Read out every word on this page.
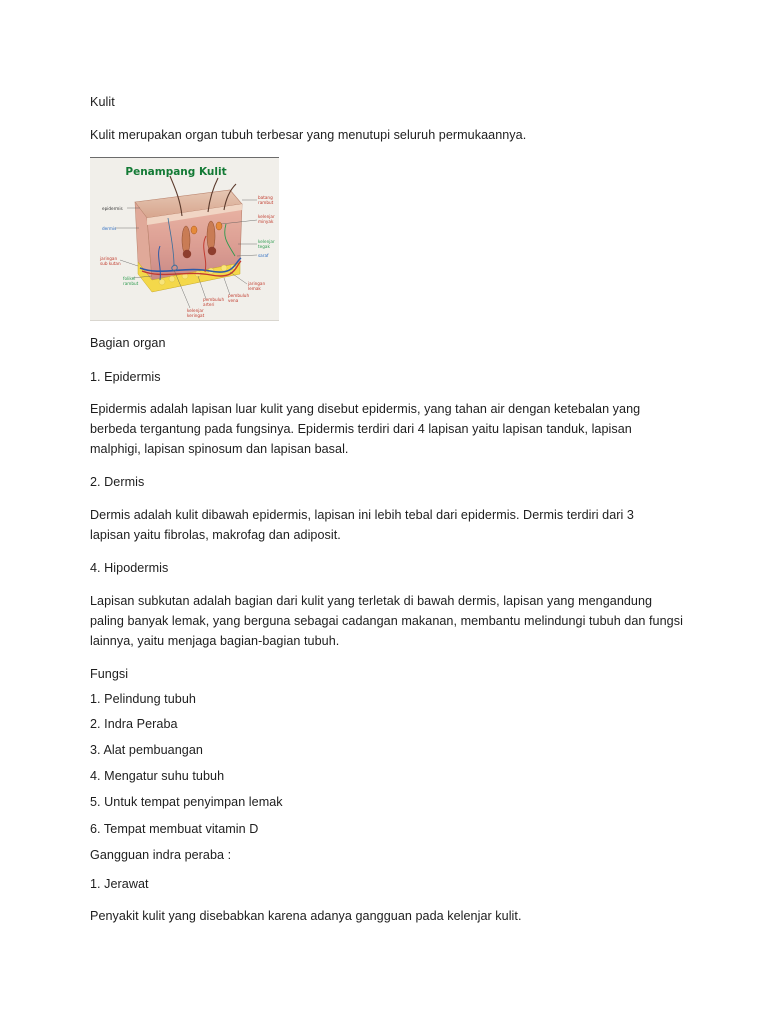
Kulit
Kulit merupakan organ tubuh terbesar yang menutupi seluruh permukaannya.
Penampang Kulit
epidermis
dermis
jaringan
sub kutan
folikel
rambut
batang
rambut
kelenjar
minyak
kelenjar
tegak
saraf
jaringan
lemak
pembuluh
vena
pembuluh
arteri
kelenjar
keringat
Bagian organ
1. Epidermis
Epidermis adalah lapisan luar kulit yang disebut epidermis, yang tahan air dengan ketebalan yang
berbeda tergantung pada fungsinya. Epidermis terdiri dari 4 lapisan yaitu lapisan tanduk, lapisan
malphigi, lapisan spinosum dan lapisan basal.
2. Dermis
Dermis adalah kulit dibawah epidermis, lapisan ini lebih tebal dari epidermis. Dermis terdiri dari 3
lapisan yaitu fibrolas, makrofag dan adiposit.
4. Hipodermis
Lapisan subkutan adalah bagian dari kulit yang terletak di bawah dermis, lapisan yang mengandung
paling banyak lemak, yang berguna sebagai cadangan makanan, membantu melindungi tubuh dan fungsi
lainnya, yaitu menjaga bagian-bagian tubuh.
Fungsi
1. Pelindung tubuh
2. Indra Peraba
3. Alat pembuangan
4. Mengatur suhu tubuh
5. Untuk tempat penyimpan lemak
6. Tempat membuat vitamin D
Gangguan indra peraba :
1. Jerawat
Penyakit kulit yang disebabkan karena adanya gangguan pada kelenjar kulit.
